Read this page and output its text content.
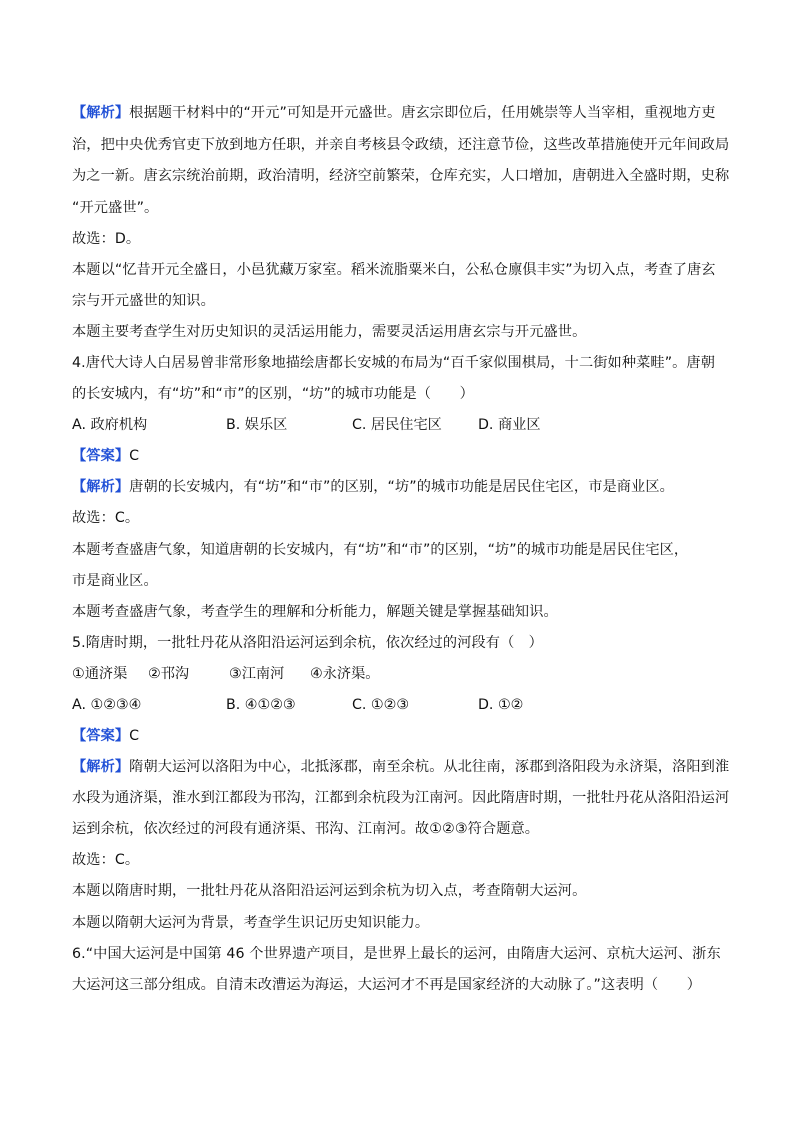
【解析】根据题干材料中的“开元”可知是开元盛世。唐玄宗即位后，任用姚崇等人当宰相，重视地方吏
治，把中央优秀官吏下放到地方任职，并亲自考核县令政绩，还注意节俭，这些改革措施使开元年间政局
为之一新。唐玄宗统治前期，政治清明，经济空前繁荣，仓库充实，人口增加，唐朝进入全盛时期，史称
“开元盛世”。
故选：D。
本题以“忆昔开元全盛日，小邑犹藏万家室。稻米流脂粟米白，公私仓廪俱丰实”为切入点，考查了唐玄
宗与开元盛世的知识。
本题主要考查学生对历史知识的灵活运用能力，需要灵活运用唐玄宗与开元盛世。
4.唐代大诗人白居易曾非常形象地描绘唐都长安城的布局为“百千家似围棋局，十二街如种菜畦”。唐朝
的长安城内，有“坊”和“市”的区别，“坊”的城市功能是（　　）
A. 政府机构	B. 娱乐区	C. 居民住宅区	D. 商业区
【答案】C
【解析】唐朝的长安城内，有“坊”和“市”的区别，“坊”的城市功能是居民住宅区，市是商业区。
故选：C。
本题考查盛唐气象，知道唐朝的长安城内，有“坊”和“市”的区别，“坊”的城市功能是居民住宅区，
市是商业区。
本题考查盛唐气象，考查学生的理解和分析能力，解题关键是掌握基础知识。
5.隋唐时期，一批牡丹花从洛阳沿运河运到余杭，依次经过的河段有（　）
①通济渠 ②邗沟	③江南河 ④永济渠。
A. ①②③④	B. ④①②③	C. ①②③	D. ①②
【答案】C
【解析】隋朝大运河以洛阳为中心，北抵涿郡，南至余杭。从北往南，涿郡到洛阳段为永济渠，洛阳到淮
水段为通济渠，淮水到江都段为邗沟，江都到余杭段为江南河。因此隋唐时期，一批牡丹花从洛阳沿运河
运到余杭，依次经过的河段有通济渠、邗沟、江南河。故①②③符合题意。
故选：C。
本题以隋唐时期，一批牡丹花从洛阳沿运河运到余杭为切入点，考查隋朝大运河。
本题以隋朝大运河为背景，考查学生识记历史知识能力。
6.“中国大运河是中国第 46 个世界遗产项目，是世界上最长的运河，由隋唐大运河、京杭大运河、浙东
大运河这三部分组成。自清末改漕运为海运，大运河才不再是国家经济的大动脉了。”这表明（　　）
